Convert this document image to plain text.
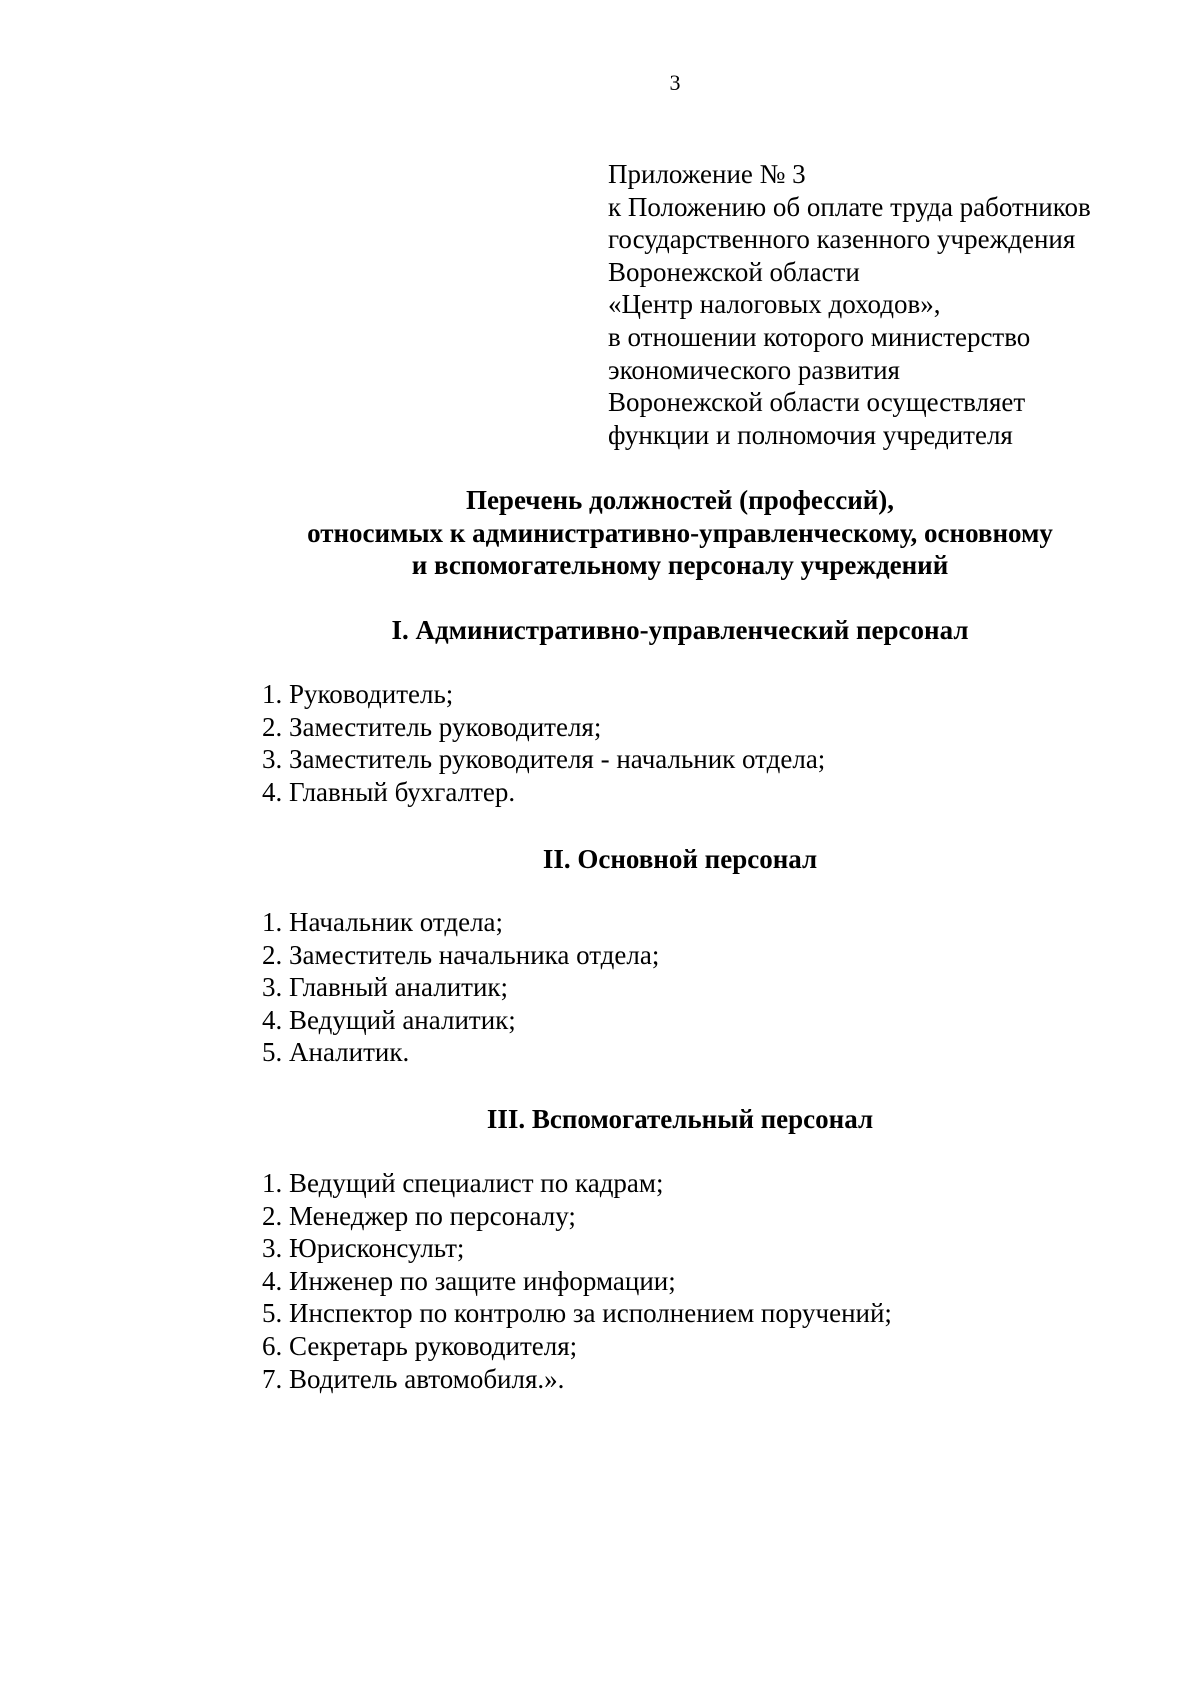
3
Приложение № 3
к Положению об оплате труда работников
государственного казенного учреждения
Воронежской области
«Центр налоговых доходов»,
в отношении которого министерство
экономического развития
Воронежской области осуществляет
функции и полномочия учредителя
Перечень должностей (профессий),
относимых к административно-управленческому, основному
и вспомогательному персоналу учреждений
I. Административно-управленческий персонал
1. Руководитель;
2. Заместитель руководителя;
3. Заместитель руководителя - начальник отдела;
4. Главный бухгалтер.
II. Основной персонал
1. Начальник отдела;
2. Заместитель начальника отдела;
3. Главный аналитик;
4. Ведущий аналитик;
5. Аналитик.
III. Вспомогательный персонал
1. Ведущий специалист по кадрам;
2. Менеджер по персоналу;
3. Юрисконсульт;
4. Инженер по защите информации;
5. Инспектор по контролю за исполнением поручений;
6. Секретарь руководителя;
7. Водитель автомобиля.».
